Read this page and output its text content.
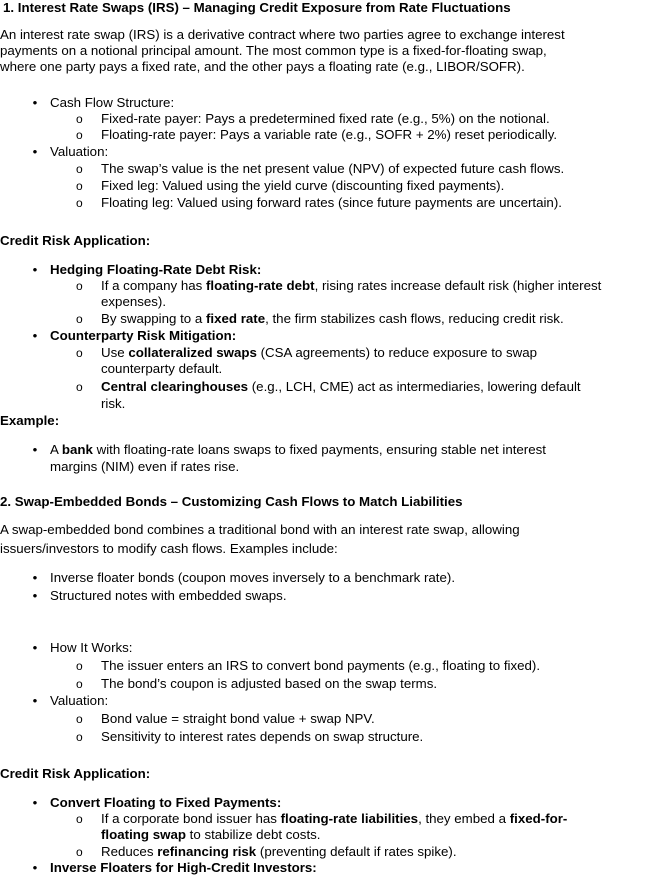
1. Interest Rate Swaps (IRS) – Managing Credit Exposure from Rate Fluctuations
An interest rate swap (IRS) is a derivative contract where two parties agree to exchange interest
payments on a notional principal amount. The most common type is a fixed-for-floating swap,
where one party pays a fixed rate, and the other pays a floating rate (e.g., LIBOR/SOFR).
• Cash Flow Structure:
o Fixed-rate payer: Pays a predetermined fixed rate (e.g., 5%) on the notional.
o Floating-rate payer: Pays a variable rate (e.g., SOFR + 2%) reset periodically.
• Valuation:
o The swap’s value is the net present value (NPV) of expected future cash flows.
o Fixed leg: Valued using the yield curve (discounting fixed payments).
o Floating leg: Valued using forward rates (since future payments are uncertain).
Credit Risk Application:
• Hedging Floating-Rate Debt Risk:
o If a company has floating-rate debt, rising rates increase default risk (higher interest
expenses).
o By swapping to a fixed rate, the firm stabilizes cash flows, reducing credit risk.
• Counterparty Risk Mitigation:
o Use collateralized swaps (CSA agreements) to reduce exposure to swap
counterparty default.
o Central clearinghouses (e.g., LCH, CME) act as intermediaries, lowering default
risk.
Example:
• A bank with floating-rate loans swaps to fixed payments, ensuring stable net interest
margins (NIM) even if rates rise.
2. Swap-Embedded Bonds – Customizing Cash Flows to Match Liabilities
A swap-embedded bond combines a traditional bond with an interest rate swap, allowing
issuers/investors to modify cash flows. Examples include:
• Inverse floater bonds (coupon moves inversely to a benchmark rate).
• Structured notes with embedded swaps.
• How It Works:
o The issuer enters an IRS to convert bond payments (e.g., floating to fixed).
o The bond’s coupon is adjusted based on the swap terms.
• Valuation:
o Bond value = straight bond value + swap NPV.
o Sensitivity to interest rates depends on swap structure.
Credit Risk Application:
• Convert Floating to Fixed Payments:
o If a corporate bond issuer has floating-rate liabilities, they embed a fixed-for-
floating swap to stabilize debt costs.
o Reduces refinancing risk (preventing default if rates spike).
• Inverse Floaters for High-Credit Investors:
